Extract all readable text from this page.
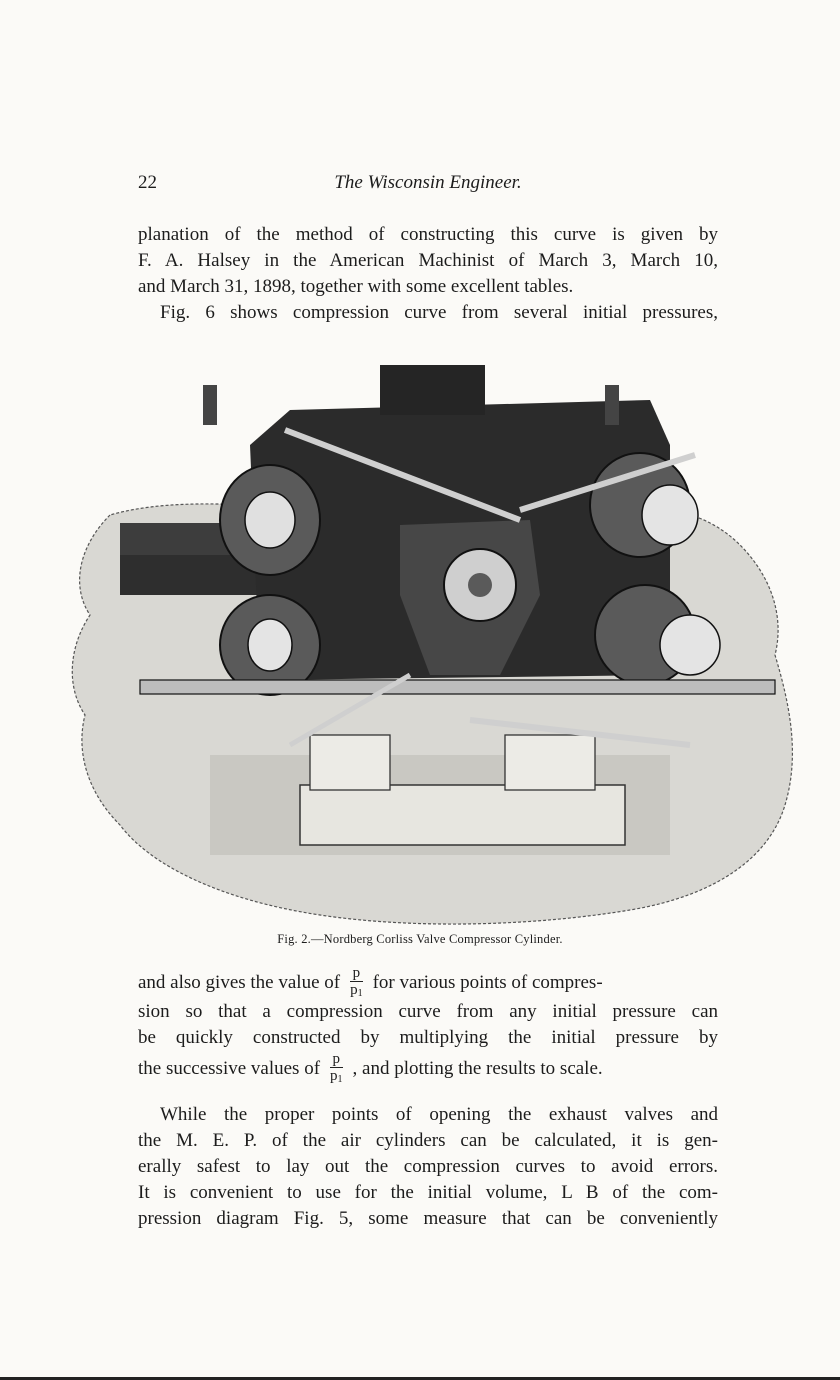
22	The Wisconsin Engineer.
planation of the method of constructing this curve is given by
F. A. Halsey in the American Machinist of March 3, March 10,
and March 31, 1898, together with some excellent tables.
Fig. 6 shows compression curve from several initial pressures,
Fig. 2.—Nordberg Corliss Valve Compressor Cylinder.
and also gives the value of $\frac{p}{p_1}$ for various points of compres-
sion so that a compression curve from any initial pressure can
be quickly constructed by multiplying the initial pressure by
the successive values of $\frac{p}{p_1}$ , and plotting the results to scale.
While the proper points of opening the exhaust valves and
the M. E. P. of the air cylinders can be calculated, it is gen-
erally safest to lay out the compression curves to avoid errors.
It is convenient to use for the initial volume, L B of the com-
pression diagram Fig. 5, some measure that can be conveniently
